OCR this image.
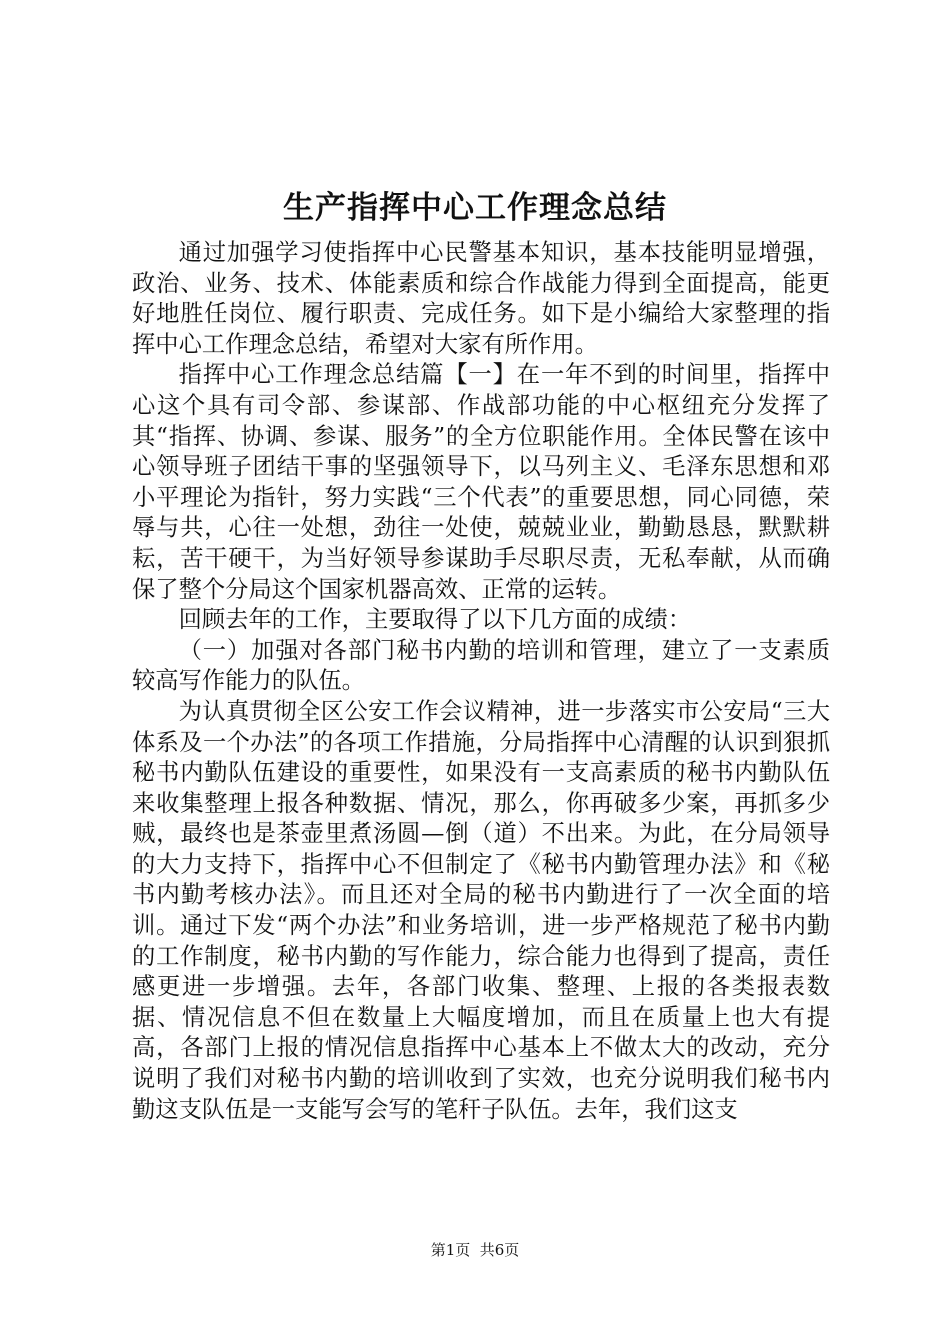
生产指挥中心工作理念总结

通过加强学习使指挥中心民警基本知识，基本技能明显增强，政治、业务、技术、体能素质和综合作战能力得到全面提高，能更好地胜任岗位、履行职责、完成任务。如下是小编给大家整理的指挥中心工作理念总结，希望对大家有所作用。

指挥中心工作理念总结篇【一】在一年不到的时间里，指挥中心这个具有司令部、参谋部、作战部功能的中心枢纽充分发挥了其“指挥、协调、参谋、服务”的全方位职能作用。全体民警在该中心领导班子团结干事的坚强领导下，以马列主义、毛泽东思想和邓小平理论为指针，努力实践“三个代表”的重要思想，同心同德，荣辱与共，心往一处想，劲往一处使，兢兢业业，勤勤恳恳，默默耕耘，苦干硬干，为当好领导参谋助手尽职尽责，无私奉献，从而确保了整个分局这个国家机器高效、正常的运转。

回顾去年的工作，主要取得了以下几方面的成绩：

（一）加强对各部门秘书内勤的培训和管理，建立了一支素质较高写作能力的队伍。

为认真贯彻全区公安工作会议精神，进一步落实市公安局“三大体系及一个办法”的各项工作措施，分局指挥中心清醒的认识到狠抓秘书内勤队伍建设的重要性，如果没有一支高素质的秘书内勤队伍来收集整理上报各种数据、情况，那么，你再破多少案，再抓多少贼，最终也是茶壶里煮汤圆—倒（道）不出来。为此，在分局领导的大力支持下，指挥中心不但制定了《秘书内勤管理办法》和《秘书内勤考核办法》。而且还对全局的秘书内勤进行了一次全面的培训。通过下发“两个办法”和业务培训，进一步严格规范了秘书内勤的工作制度，秘书内勤的写作能力，综合能力也得到了提高，责任感更进一步增强。去年，各部门收集、整理、上报的各类报表数据、情况信息不但在数量上大幅度增加，而且在质量上也大有提高，各部门上报的情况信息指挥中心基本上不做太大的改动，充分说明了我们对秘书内勤的培训收到了实效，也充分说明我们秘书内勤这支队伍是一支能写会写的笔秆子队伍。去年，我们这支

第1页  共6页
